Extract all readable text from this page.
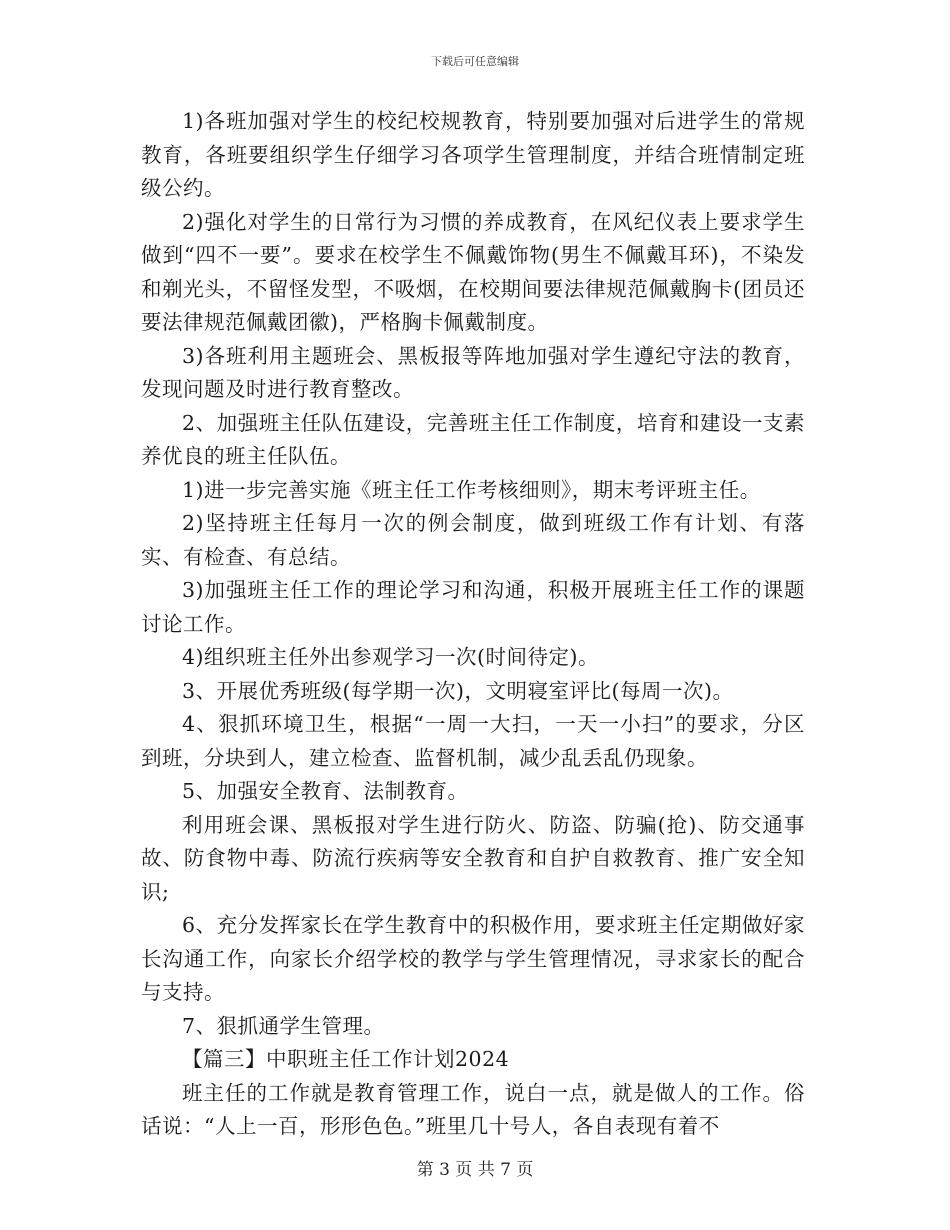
下载后可任意编辑

1)各班加强对学生的校纪校规教育，特别要加强对后进学生的常规教育，各班要组织学生仔细学习各项学生管理制度，并结合班情制定班级公约。

2)强化对学生的日常行为习惯的养成教育，在风纪仪表上要求学生做到“四不一要”。要求在校学生不佩戴饰物(男生不佩戴耳环)，不染发和剃光头，不留怪发型，不吸烟，在校期间要法律规范佩戴胸卡(团员还要法律规范佩戴团徽)，严格胸卡佩戴制度。

3)各班利用主题班会、黑板报等阵地加强对学生遵纪守法的教育，发现问题及时进行教育整改。

2、加强班主任队伍建设，完善班主任工作制度，培育和建设一支素养优良的班主任队伍。

1)进一步完善实施《班主任工作考核细则》，期末考评班主任。

2)坚持班主任每月一次的例会制度，做到班级工作有计划、有落实、有检查、有总结。

3)加强班主任工作的理论学习和沟通，积极开展班主任工作的课题讨论工作。

4)组织班主任外出参观学习一次(时间待定)。

3、开展优秀班级(每学期一次)，文明寝室评比(每周一次)。

4、狠抓环境卫生，根据“一周一大扫，一天一小扫”的要求，分区到班，分块到人，建立检查、监督机制，减少乱丢乱仍现象。

5、加强安全教育、法制教育。

利用班会课、黑板报对学生进行防火、防盗、防骗(抢)、防交通事故、防食物中毒、防流行疾病等安全教育和自护自救教育、推广安全知识;

6、充分发挥家长在学生教育中的积极作用，要求班主任定期做好家长沟通工作，向家长介绍学校的教学与学生管理情况，寻求家长的配合与支持。

7、狠抓通学生管理。

【篇三】中职班主任工作计划2024

班主任的工作就是教育管理工作，说白一点，就是做人的工作。俗话说：“人上一百，形形色色。”班里几十号人，各自表现有着不

第 3 页 共 7 页
